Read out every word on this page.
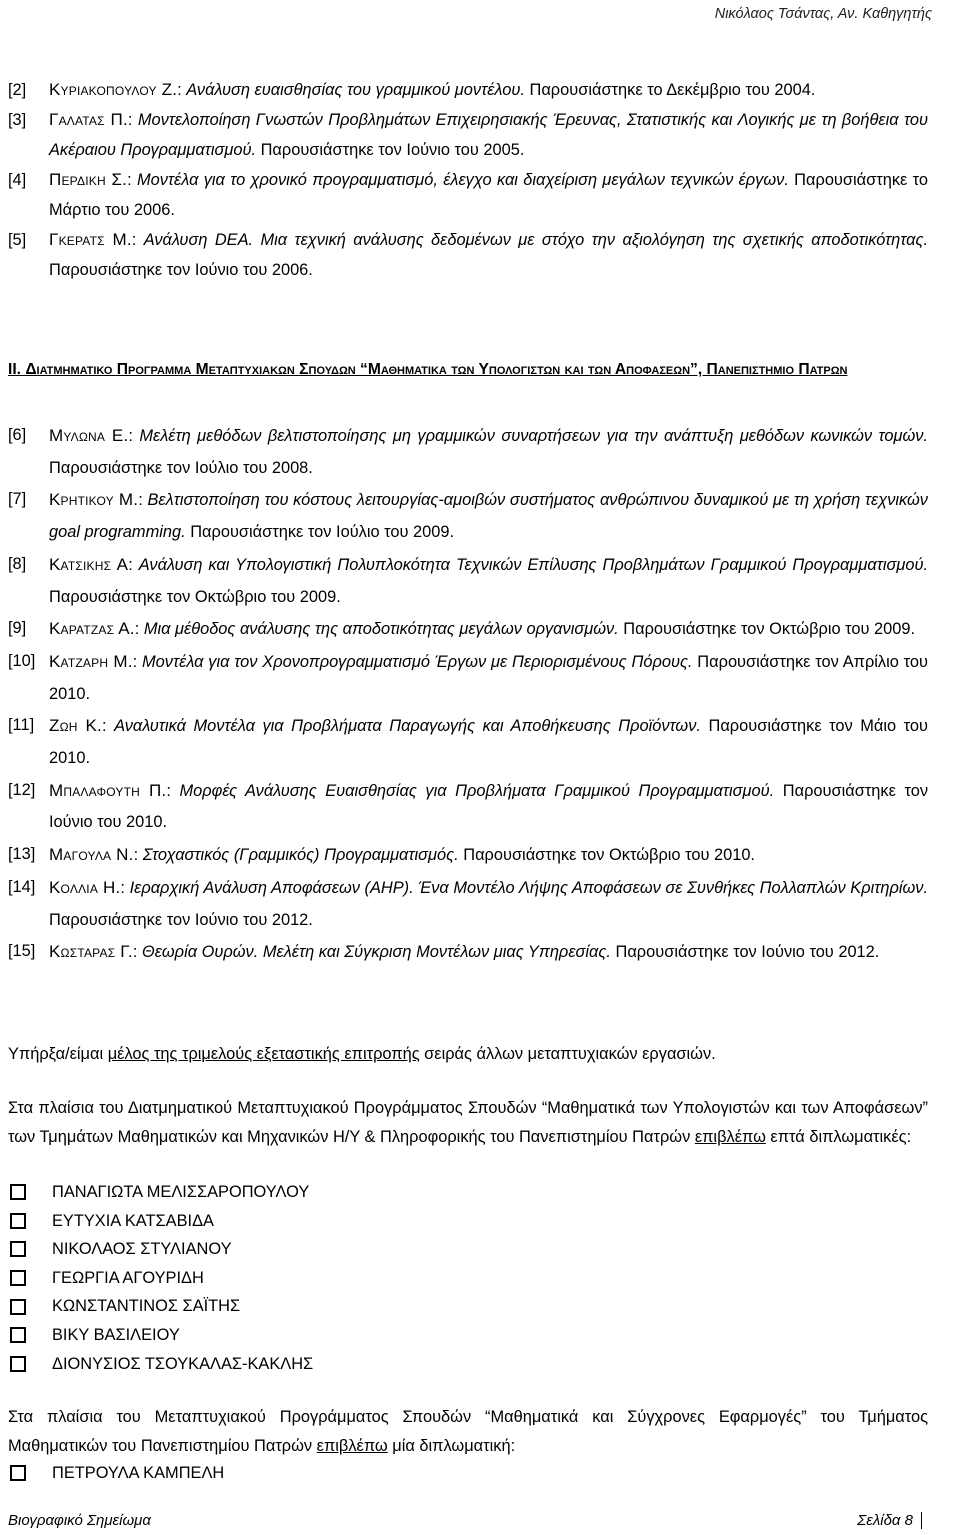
Νικόλαος Τσάντας, Αν. Καθηγητής
[2]	Κυριακοπουλου Ζ.: Ανάλυση ευαισθησίας του γραμμικού μοντέλου. Παρουσιάστηκε το Δεκέμβριο του 2004.
[3]	Γαλατασ Π.: Μοντελοποίηση Γνωστών Προβλημάτων Επιχειρησιακής Έρευνας, Στατιστικής και Λογικής με τη βοήθεια του Ακέραιου Προγραμματισμού. Παρουσιάστηκε τον Ιούνιο του 2005.
[4]	Περδικη Σ.: Μοντέλα για το χρονικό προγραμματισμό, έλεγχο και διαχείριση μεγάλων τεχνικών έργων. Παρουσιάστηκε το Μάρτιο του 2006.
[5]	Γκερατσ Μ.: Ανάλυση DEA. Μια τεχνική ανάλυσης δεδομένων με στόχο την αξιολόγηση της σχετικής αποδοτικότητας. Παρουσιάστηκε τον Ιούνιο του 2006.
II. Διατμηματικο Προγραμμα Μεταπτυχιακων Σπουδων “Μαθηματικα των Υπολογιστων και των Αποφασεων”, Πανεπιστημιο Πατρων
[6]	Μυλωνα Ε.: Μελέτη μεθόδων βελτιστοποίησης μη γραμμικών συναρτήσεων για την ανάπτυξη μεθόδων κωνικών τομών. Παρουσιάστηκε τον Ιούλιο του 2008.
[7]	Κρητικου Μ.: Βελτιστοποίηση του κόστους λειτουργίας-αμοιβών συστήματος ανθρώπινου δυναμικού με τη χρήση τεχνικών goal programming. Παρουσιάστηκε τον Ιούλιο του 2009.
[8]	Κατσικησ Α: Ανάλυση και Υπολογιστική Πολυπλοκότητα Τεχνικών Επίλυσης Προβλημάτων Γραμμικού Προγραμματισμού. Παρουσιάστηκε τον Οκτώβριο του 2009.
[9]	Καρατζασ Α.: Μια μέθοδος ανάλυσης της αποδοτικότητας μεγάλων οργανισμών. Παρουσιάστηκε τον Οκτώβριο του 2009.
[10] Κατζαρη Μ.: Μοντέλα για τον Χρονοπρογραμματισμό Έργων με Περιορισμένους Πόρους. Παρουσιάστηκε τον Απρίλιο του 2010.
[11] Ζωη Κ.: Αναλυτικά Μοντέλα για Προβλήματα Παραγωγής και Αποθήκευσης Προϊόντων. Παρουσιάστηκε τον Μάιο του 2010.
[12] Μπαλαφουτη Π.: Μορφές Ανάλυσης Ευαισθησίας για Προβλήματα Γραμμικού Προγραμματισμού. Παρουσιάστηκε τον Ιούνιο του 2010.
[13] Μαγουλα Ν.: Στοχαστικός (Γραμμικός) Προγραμματισμός. Παρουσιάστηκε τον Οκτώβριο του 2010.
[14] Κολλια Η.: Ιεραρχική Ανάλυση Αποφάσεων (AHP). Ένα Μοντέλο Λήψης Αποφάσεων σε Συνθήκες Πολλαπλών Κριτηρίων. Παρουσιάστηκε τον Ιούνιο του 2012.
[15] Κωσταρασ Γ.: Θεωρία Ουρών. Μελέτη και Σύγκριση Μοντέλων μιας Υπηρεσίας. Παρουσιάστηκε τον Ιούνιο του 2012.
Υπήρξα/είμαι μέλος της τριμελούς εξεταστικής επιτροπής σειράς άλλων μεταπτυχιακών εργασιών.
Στα πλαίσια του Διατμηματικού Μεταπτυχιακού Προγράμματος Σπουδών “Μαθηματικά των Υπολογιστών και των Αποφάσεων” των Τμημάτων Μαθηματικών και Μηχανικών Η/Υ & Πληροφορικής του Πανεπιστημίου Πατρών επιβλέπω επτά διπλωματικές:
ΠΑΝΑΓΙΩΤΑ ΜΕΛΙΣΣΑΡΟΠΟΥΛΟΥ
ΕΥΤΥΧΙΑ ΚΑΤΣΑΒΙΔΑ
ΝΙΚΟΛΑΟΣ ΣΤΥΛΙΑΝΟΥ
ΓΕΩΡΓΙΑ ΑΓΟΥΡΙΔΗ
ΚΩΝΣΤΑΝΤΙΝΟΣ ΣΑΪΤΗΣ
ΒΙΚΥ ΒΑΣΙΛΕΙΟΥ
ΔΙΟΝΥΣΙΟΣ ΤΣΟΥΚΑΛΑΣ-ΚΑΚΛΗΣ
Στα πλαίσια του Μεταπτυχιακού Προγράμματος Σπουδών “Μαθηματικά και Σύγχρονες Εφαρμογές” του Τμήματος Μαθηματικών του Πανεπιστημίου Πατρών επιβλέπω μία διπλωματική:
ΠΕΤΡΟΥΛΑ ΚΑΜΠΕΛΗ
Βιογραφικό Σημείωμα	Σελίδα 8
